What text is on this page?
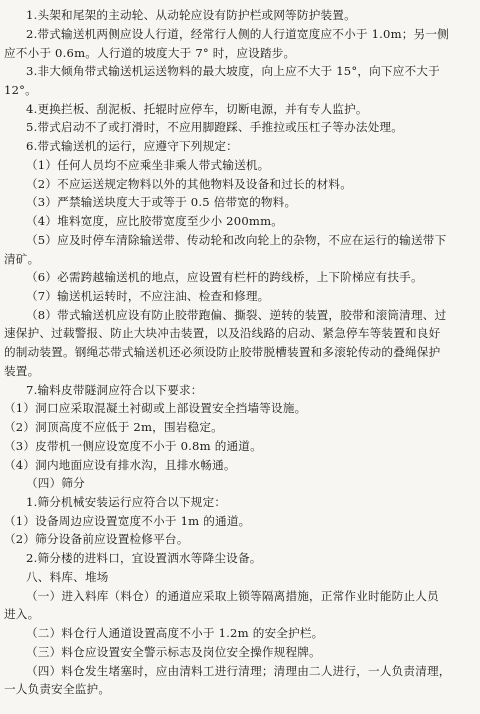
1.头架和尾架的主动轮、从动轮应设有防护栏或网等防护装置。
2.带式输送机两侧应设人行道，经常行人侧的人行道宽度应不小于 1.0m；另一侧
应不小于 0.6m。人行道的坡度大于 7° 时，应设踏步。
3.非大倾角带式输送机运送物料的最大坡度，向上应不大于 15°，向下应不大于
12°。
4.更换拦板、刮泥板、托辊时应停车，切断电源，并有专人监护。
5.带式启动不了或打滑时，不应用脚蹬踩、手推拉或压杠子等办法处理。
6.带式输送机的运行，应遵守下列规定：
（1）任何人员均不应乘坐非乘人带式输送机。
（2）不应运送规定物料以外的其他物料及设备和过长的材料。
（3）严禁输送块度大于或等于 0.5 倍带宽的物料。
（4）堆料宽度，应比胶带宽度至少小 200mm。
（5）应及时停车清除输送带、传动轮和改向轮上的杂物，不应在运行的输送带下
清矿。
（6）必需跨越输送机的地点，应设置有栏杆的跨线桥，上下阶梯应有扶手。
（7）输送机运转时，不应注油、检查和修理。
（8）带式输送机应设有防止胶带跑偏、撕裂、逆转的装置，胶带和滚筒清理、过
速保护、过载警报、防止大块冲击装置，以及沿线路的启动、紧急停车等装置和良好
的制动装置。钢绳芯带式输送机还必须设防止胶带脱槽装置和多滚轮传动的叠绳保护
装置。
7.输料皮带隧洞应符合以下要求：
（1）洞口应采取混凝土衬砌或上部设置安全挡墙等设施。
（2）洞顶高度不应低于 2m，围岩稳定。
（3）皮带机一侧应设宽度不小于 0.8m 的通道。
（4）洞内地面应设有排水沟，且排水畅通。
（四）筛分
1.筛分机械安装运行应符合以下规定：
（1）设备周边应设置宽度不小于 1m 的通道。
（2）筛分设备前应设置检修平台。
2.筛分楼的进料口，宜设置洒水等降尘设备。
八、料库、堆场
（一）进入料库（料仓）的通道应采取上锁等隔离措施，正常作业时能防止人员
进入。
（二）料仓行人通道设置高度不小于 1.2m 的安全护栏。
（三）料仓应设置安全警示标志及岗位安全操作规程牌。
（四）料仓发生堵塞时，应由清料工进行清理；清理由二人进行，一人负责清理，
一人负责安全监护。
